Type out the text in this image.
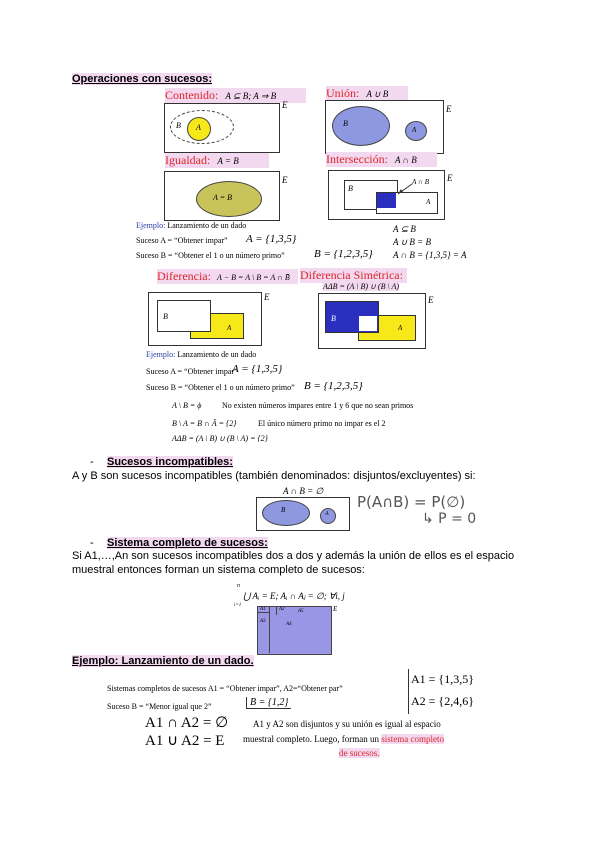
Operaciones con sucesos:
Contenido: A ⊆ B; A ⇒ B
E
A
B
Unión: A ∪ B
E
B
A
Igualdad: A = B
E
A = B
Intersección: A ∩ B
E
B
A
A ∩ B
Ejemplo: Lanzamiento de un dado
Suceso A = “Obtener impar” A = {1,3,5}
Suceso B = “Obtener el 1 o un número primo”	B = {1,2,3,5}
A ⊆ B
A ∪ B = B
A ∩ B = {1,3,5} = A
Diferencia: A − B = A \ B = A ∩ B̄
E
B
A
Diferencia Simétrica:
AΔB = (A \ B) ∪ (B \ A)
E
B
A
Ejemplo: Lanzamiento de un dado
Suceso A = “Obtener impar”
A = {1,3,5}
Suceso B = “Obtener el 1 o un número primo” B = {1,2,3,5}
A \ B = ϕ	No existen números impares entre 1 y 6 que no sean primos
B \ A = B ∩ Ā = {2}	El único número primo no impar es el 2
AΔB = (A \ B) ∪ (B \ A) = {2}
- Sucesos incompatibles:
A y B son sucesos incompatibles (también denominados: disjuntos/excluyentes) si:
A ∩ B = ∅
B	A
P(A∩B) = P(∅)
↳ P = 0
- Sistema completo de sucesos:
Si A1,…,An son sucesos incompatibles dos a dos y además la unión de ellos es el espacio
muestral entonces forman un sistema completo de sucesos:
n
⋃ Aᵢ = E; Aᵢ ∩ Aⱼ = ∅; ∀i, j
i=1
A1	A2
A3
A4
A5	E
Ejemplo: Lanzamiento de un dado.
Sistemas completos de sucesos A1 = “Obtener impar”, A2=“Obtener par”
A1 = {1,3,5}
A2 = {2,4,6}
Suceso B = “Menor igual que 2”	B = {1,2}
A1 ∩ A2 = ∅
A1 ∪ A2 = E
A1 y A2 son disjuntos y su unión es igual al espacio
muestral completo. Luego, forman un sistema completo
de sucesos.
